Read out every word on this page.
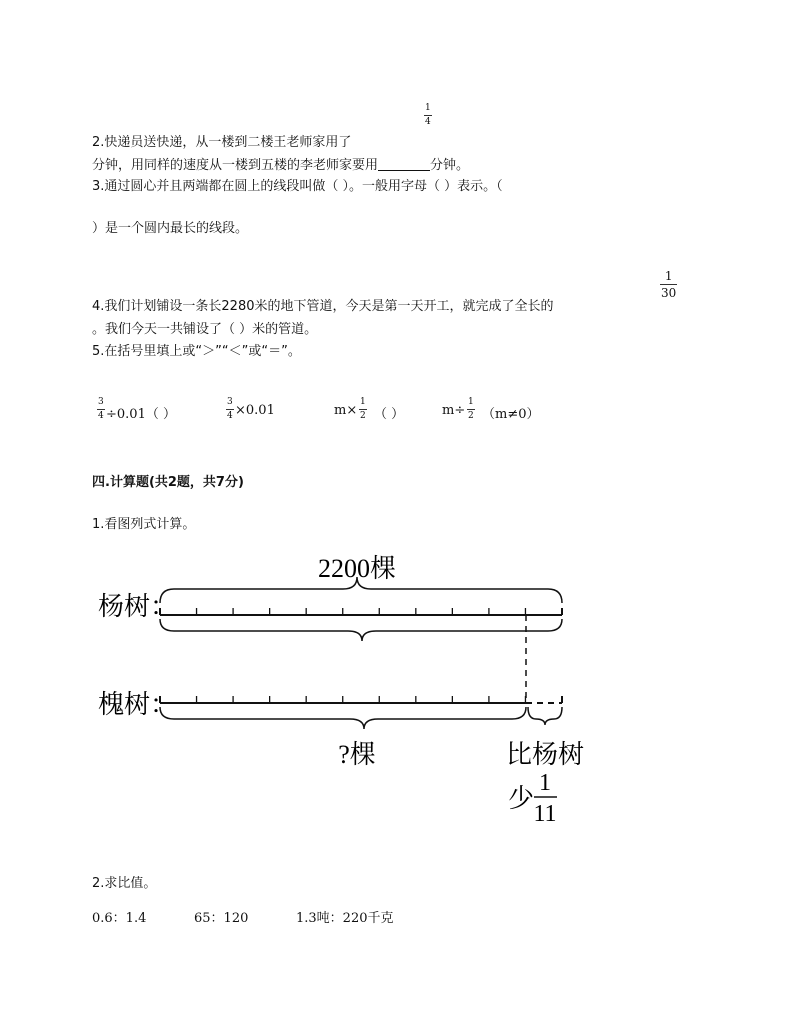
1
4
2.快递员送快递，从一楼到二楼王老师家用了
分钟，用同样的速度从一楼到五楼的李老师家要用	分钟。
3.通过圆心并且两端都在圆上的线段叫做（ ）。一般用字母（ ）表示。（
）是一个圆内最长的线段。
1
30
4.我们计划铺设一条长2280米的地下管道，今天是第一天开工，就完成了全长的
。我们今天一共铺设了（ ）米的管道。
5.在括号里填上或“＞”“＜”或“＝”。
3
4 ÷0.01（ ）
3
4 ×0.01	m×
1
2 （ ）	m÷
1
2 （m≠0）
四.计算题(共2题，共7分)
1.看图列式计算。
2200棵
杨树：
槐树：
?棵	比杨树
少
1
11
2.求比值。
0.6：1.4	65：120	1.3吨：220千克
